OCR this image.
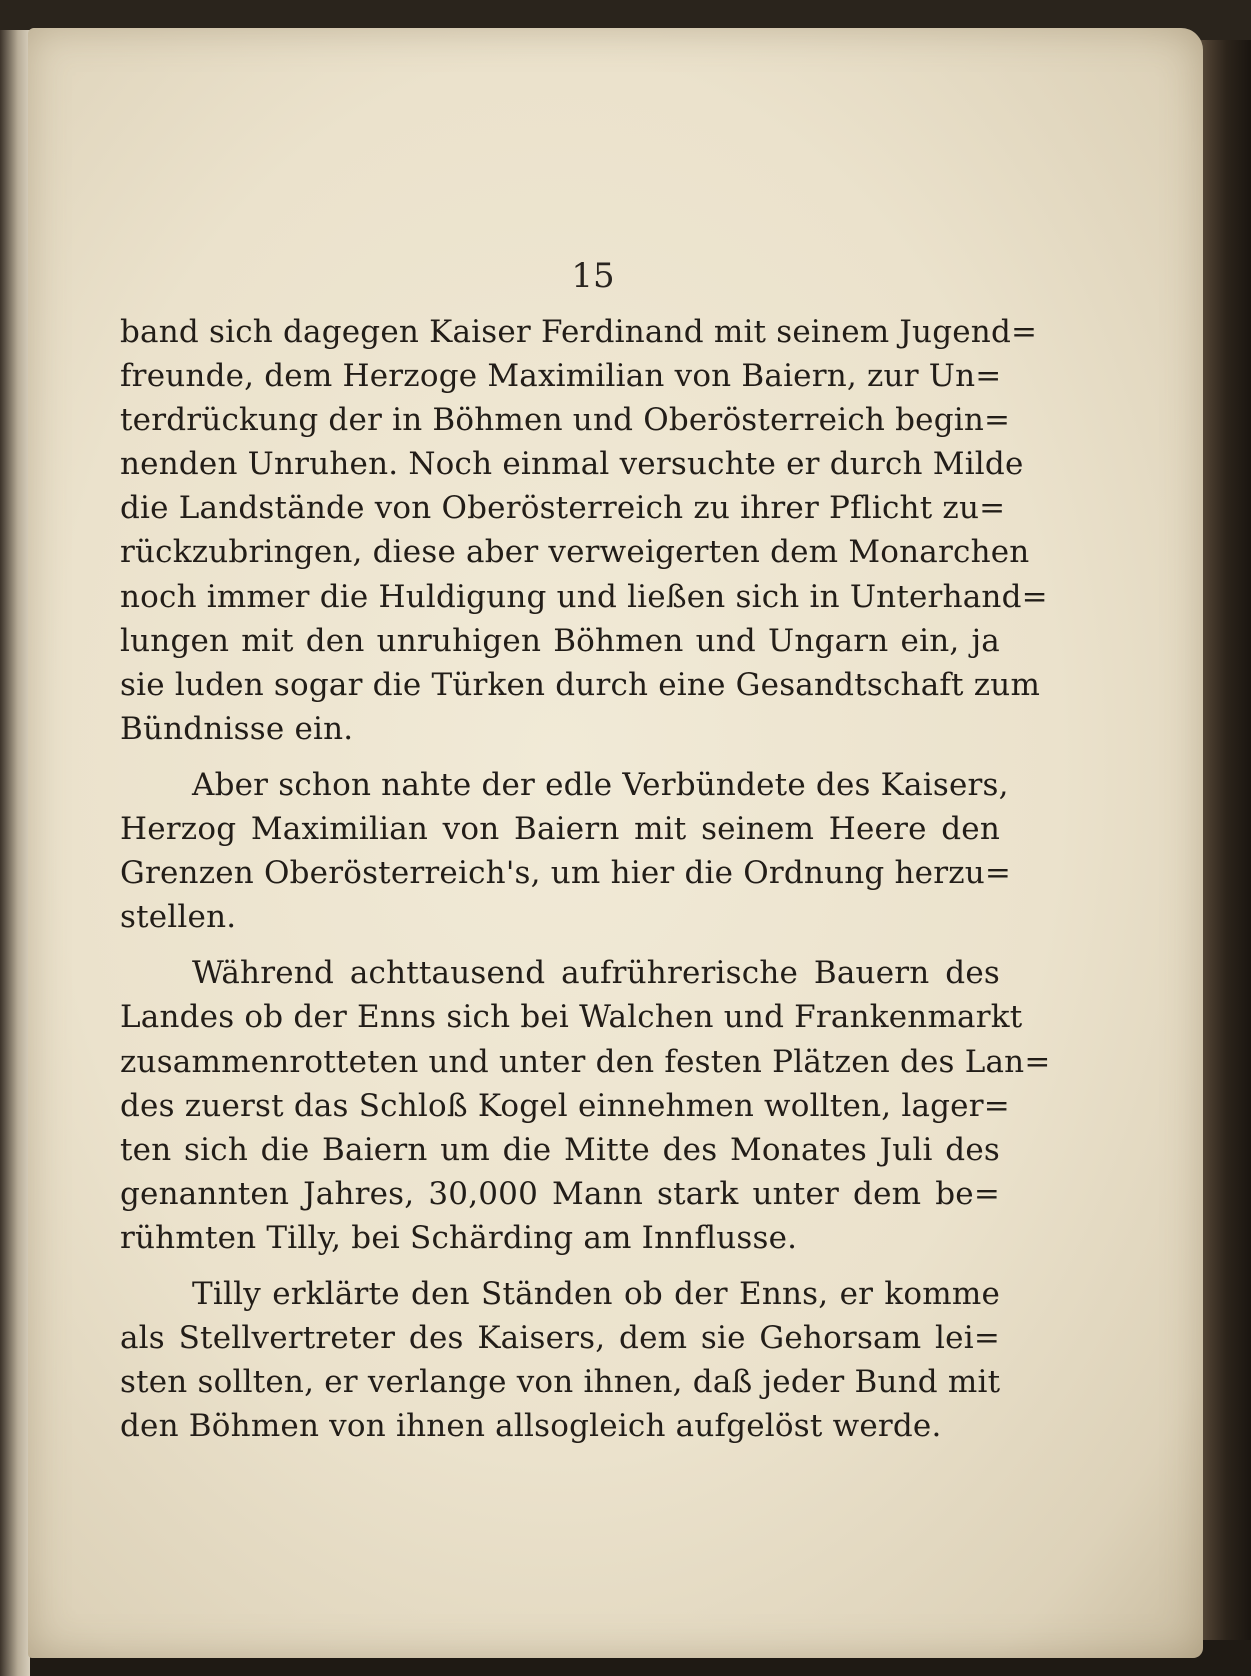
15

band sich dagegen Kaiser Ferdinand mit seinem Jugend=
freunde, dem Herzoge Maximilian von Baiern, zur Un=
terdrückung der in Böhmen und Oberösterreich begin=
nenden Unruhen. Noch einmal versuchte er durch Milde
die Landstände von Oberösterreich zu ihrer Pflicht zu=
rückzubringen, diese aber verweigerten dem Monarchen
noch immer die Huldigung und ließen sich in Unterhand=
lungen mit den unruhigen Böhmen und Ungarn ein, ja
sie luden sogar die Türken durch eine Gesandtschaft zum
Bündnisse ein.

Aber schon nahte der edle Verbündete des Kaisers,
Herzog Maximilian von Baiern mit seinem Heere den
Grenzen Oberösterreich's, um hier die Ordnung herzu=
stellen.

Während achttausend aufrührerische Bauern des
Landes ob der Enns sich bei Walchen und Frankenmarkt
zusammenrotteten und unter den festen Plätzen des Lan=
des zuerst das Schloß Kogel einnehmen wollten, lager=
ten sich die Baiern um die Mitte des Monates Juli des
genannten Jahres, 30,000 Mann stark unter dem be=
rühmten Tilly, bei Schärding am Innflusse.

Tilly erklärte den Ständen ob der Enns, er komme
als Stellvertreter des Kaisers, dem sie Gehorsam lei=
sten sollten, er verlange von ihnen, daß jeder Bund mit
den Böhmen von ihnen allsogleich aufgelöst werde.
